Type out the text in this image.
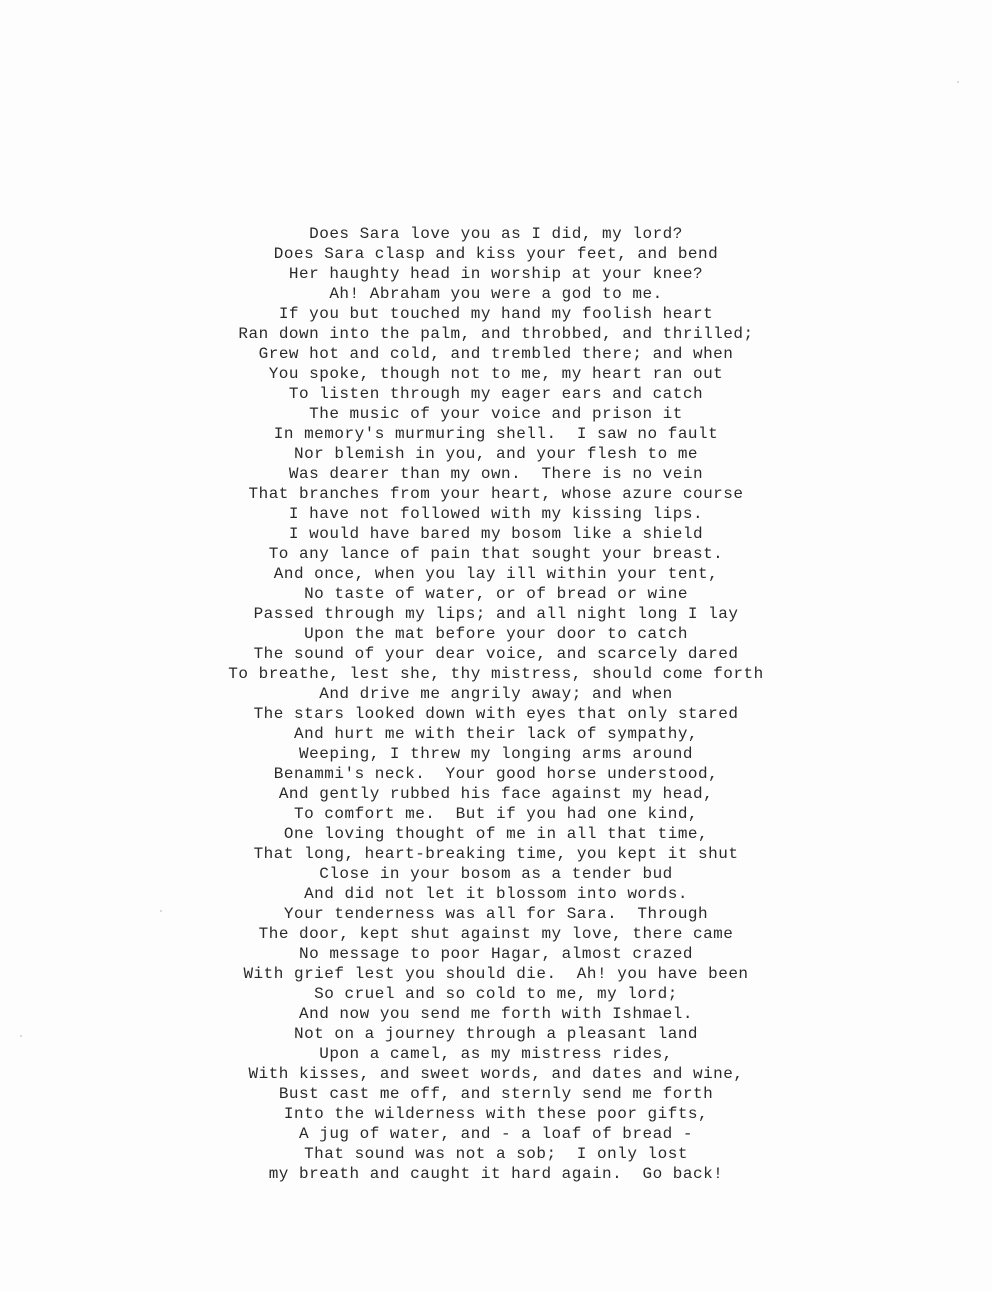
Does Sara love you as I did, my lord?
Does Sara clasp and kiss your feet, and bend
Her haughty head in worship at your knee?
Ah! Abraham you were a god to me.
If you but touched my hand my foolish heart
Ran down into the palm, and throbbed, and thrilled;
Grew hot and cold, and trembled there; and when
You spoke, though not to me, my heart ran out
To listen through my eager ears and catch
The music of your voice and prison it
In memory's murmuring shell.  I saw no fault
Nor blemish in you, and your flesh to me
Was dearer than my own.  There is no vein
That branches from your heart, whose azure course
I have not followed with my kissing lips.
I would have bared my bosom like a shield
To any lance of pain that sought your breast.
And once, when you lay ill within your tent,
No taste of water, or of bread or wine
Passed through my lips; and all night long I lay
Upon the mat before your door to catch
The sound of your dear voice, and scarcely dared
To breathe, lest she, thy mistress, should come forth
And drive me angrily away; and when
The stars looked down with eyes that only stared
And hurt me with their lack of sympathy,
Weeping, I threw my longing arms around
Benammi's neck.  Your good horse understood,
And gently rubbed his face against my head,
To comfort me.  But if you had one kind,
One loving thought of me in all that time,
That long, heart-breaking time, you kept it shut
Close in your bosom as a tender bud
And did not let it blossom into words.
Your tenderness was all for Sara.  Through
The door, kept shut against my love, there came
No message to poor Hagar, almost crazed
With grief lest you should die.  Ah! you have been
So cruel and so cold to me, my lord;
And now you send me forth with Ishmael.
Not on a journey through a pleasant land
Upon a camel, as my mistress rides,
With kisses, and sweet words, and dates and wine,
Bust cast me off, and sternly send me forth
Into the wilderness with these poor gifts,
A jug of water, and - a loaf of bread -
That sound was not a sob;  I only lost
my breath and caught it hard again.  Go back!
